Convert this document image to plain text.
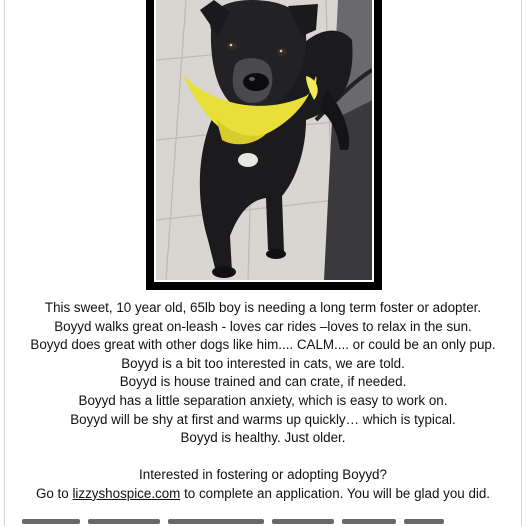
This sweet, 10 year old, 65lb boy is needing a long term foster or adopter.

Boyyd walks great on-leash - loves car rides –loves to relax in the sun.

Boyyd does great with other dogs like him.... CALM.... or could be an only pup.

Boyyd is a bit too interested in cats, we are told.

Boyyd is house trained and can crate, if needed.

Boyyd has a little separation anxiety, which is easy to work on.

Boyyd will be shy at first and warms up quickly… which is typical.

Boyyd is healthy. Just older.

Interested in fostering or adopting Boyyd?

Go to lizzyshospice.com to complete an application. You will be glad you did.
